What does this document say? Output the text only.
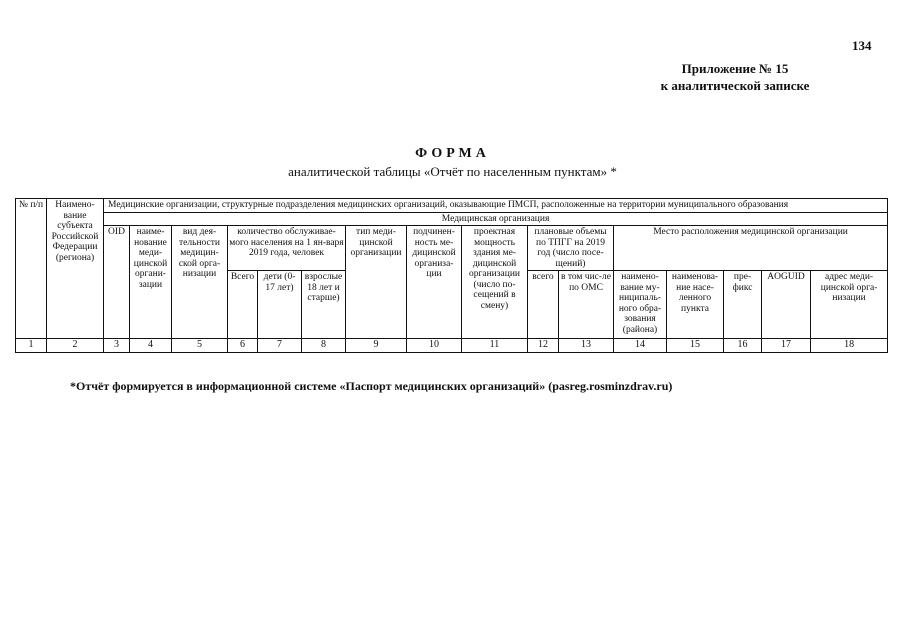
134
Приложение № 15
к аналитической записке
ФОРМА
аналитической таблицы «Отчёт по населенным пунктам» *
№ п/п	Наимено-вание субъекта Российской Федерации (региона)	Медицинские организации, структурные подразделения медицинских организаций, оказывающие ПМСП, расположенные на территории муниципального образования															
		Медицинская организация															
		OID	наиме-нование меди-цинской органи-зации	вид дея-тельности медицин-ской орга-низации	количество обслуживае-мого населения на 1 ян-варя 2019 года, человек			тип меди-цинской организации	подчинен-ность ме-дицинской организа-ции	проектная мощность здания ме-дицинской организации (число по-сещений в смену)	плановые объемы по ТПГГ на 2019 год (число посе-щений)		Место расположения медицинской организации				
					Всего	дети (0-17 лет)	взрослые 18 лет и старше)				всего	в том чис-ле по ОМС	наимено-вание му-ниципаль-ного обра-зования (района)	наименова-ние насе-ленного пункта	пре-фикс	AOGUID	адрес меди-цинской орга-низации
1	2	3	4	5	6	7	8	9	10	11	12	13	14	15	16	17	18
*Отчёт формируется в информационной системе «Паспорт медицинских организаций» (pasreg.rosminzdrav.ru)
